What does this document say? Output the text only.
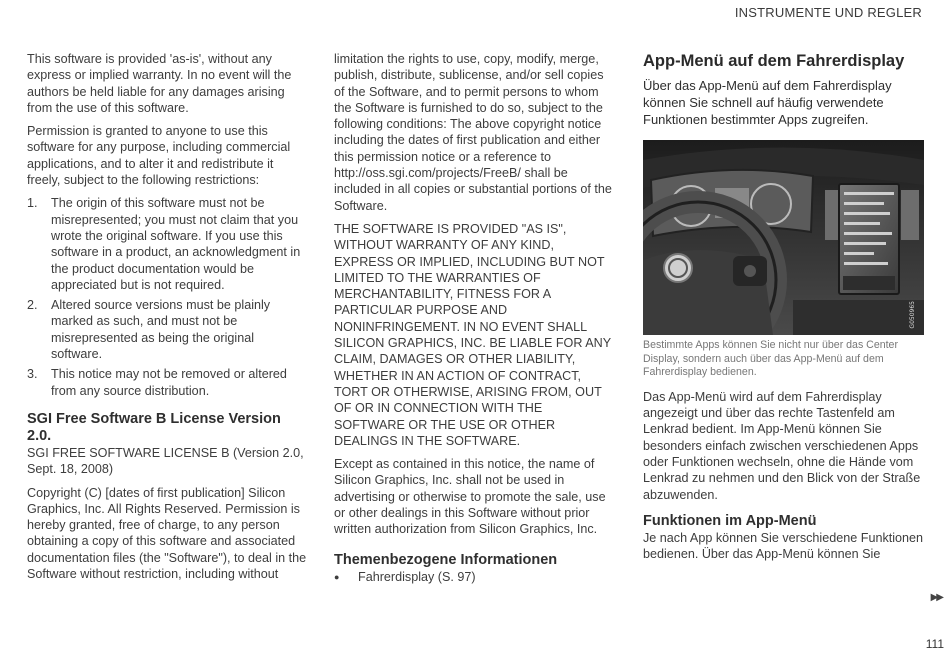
INSTRUMENTE UND REGLER

This software is provided 'as-is', without any express or implied warranty. In no event will the authors be held liable for any damages arising from the use of this software.

Permission is granted to anyone to use this software for any purpose, including commercial applications, and to alter it and redistribute it freely, subject to the following restrictions:

1. The origin of this software must not be misrepresented; you must not claim that you wrote the original software. If you use this software in a product, an acknowledgment in the product documentation would be appreciated but is not required.
2. Altered source versions must be plainly marked as such, and must not be misrepresented as being the original software.
3. This notice may not be removed or altered from any source distribution.
SGI Free Software B License Version 2.0.

SGI FREE SOFTWARE LICENSE B (Version 2.0, Sept. 18, 2008)

Copyright (C) [dates of first publication] Silicon Graphics, Inc. All Rights Reserved. Permission is hereby granted, free of charge, to any person obtaining a copy of this software and associated documentation files (the "Software"), to deal in the Software without restriction, including without

limitation the rights to use, copy, modify, merge, publish, distribute, sublicense, and/or sell copies of the Software, and to permit persons to whom the Software is furnished to do so, subject to the following conditions: The above copyright notice including the dates of first publication and either this permission notice or a reference to http://oss.sgi.com/projects/FreeB/ shall be included in all copies or substantial portions of the Software.

THE SOFTWARE IS PROVIDED "AS IS", WITHOUT WARRANTY OF ANY KIND, EXPRESS OR IMPLIED, INCLUDING BUT NOT LIMITED TO THE WARRANTIES OF MERCHANTABILITY, FITNESS FOR A PARTICULAR PURPOSE AND NONINFRINGEMENT. IN NO EVENT SHALL SILICON GRAPHICS, INC. BE LIABLE FOR ANY CLAIM, DAMAGES OR OTHER LIABILITY, WHETHER IN AN ACTION OF CONTRACT, TORT OR OTHERWISE, ARISING FROM, OUT OF OR IN CONNECTION WITH THE SOFTWARE OR THE USE OR OTHER DEALINGS IN THE SOFTWARE.

Except as contained in this notice, the name of Silicon Graphics, Inc. shall not be used in advertising or otherwise to promote the sale, use or other dealings in this Software without prior written authorization from Silicon Graphics, Inc.

Themenbezogene Informationen
● Fahrerdisplay (S. 97)
App-Menü auf dem Fahrerdisplay
Über das App-Menü auf dem Fahrerdisplay können Sie schnell auf häufig verwendete Funktionen bestimmter Apps zugreifen.
G050965
Bestimmte Apps können Sie nicht nur über das Center Display, sondern auch über das App-Menü auf dem Fahrerdisplay bedienen.

Das App-Menü wird auf dem Fahrerdisplay angezeigt und über das rechte Tastenfeld am Lenkrad bedient. Im App-Menü können Sie besonders einfach zwischen verschiedenen Apps oder Funktionen wechseln, ohne die Hände vom Lenkrad zu nehmen und den Blick von der Straße abzuwenden.

Funktionen im App-Menü

Je nach App können Sie verschiedene Funktionen bedienen. Über das App-Menü können Sie

▶▶
111
